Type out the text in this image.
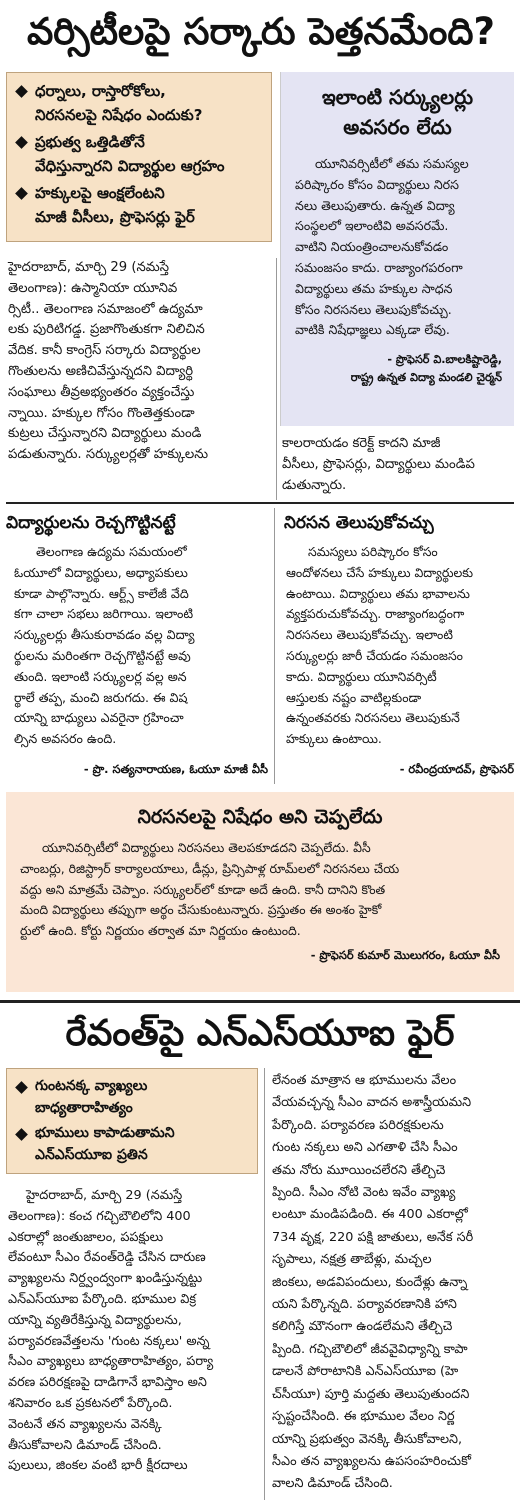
వర్సిటీలపై సర్కారు పెత్తనమేంది?
ధర్నాలు, రాస్తారోకోలు,
నిరసనలపై నిషేధం ఎందుకు?
ప్రభుత్వ ఒత్తిడితోనే
వేధిస్తున్నారని విద్యార్థుల ఆగ్రహం
హక్కులపై ఆంక్షలేంటని
మాజీ వీసీలు, ప్రొఫెసర్లు ఫైర్
హైదరాబాద్, మార్చి 29 (నమస్తే
తెలంగాణ): ఉస్మానియా యూనివ
ర్సిటీ.. తెలంగాణ సమాజంలో ఉద్యమా
లకు పురిటిగడ్డ. ప్రజాగొంతుకగా నిలిచిన
వేదిక. కానీ కాంగ్రెస్ సర్కారు విద్యార్థుల
గొంతులను అణిచివేస్తున్నదని విద్యార్థి
సంఘాలు తీవ్రఅభ్యంతరం వ్యక్తంచేస్తు
న్నాయి. హక్కుల గోసం గొంతెత్తకుండా
కుట్రలు చేస్తున్నారని విద్యార్థులు మండి
పడుతున్నారు. సర్క్యులర్లతో హక్కులను
ఇలాంటి సర్క్యులర్లు
అవసరం లేదు
యూనివర్సిటీలో తమ సమస్యల
పరిష్కారం కోసం విద్యార్థులు నిరస
నలు తెలుపుతారు. ఉన్నత విద్యా
సంస్థలలో ఇలాంటివి అవసరమే.
వాటిని నియంత్రించాలనుకోవడం
సమంజసం కాదు. రాజ్యాంగపరంగా
విద్యార్థులు తమ హక్కుల సాధన
కోసం నిరసనలు తెలుపుకోవచ్చు.
వాటికి నిషేధాజ్ఞలు ఎక్కడా లేవు.
- ప్రొఫెసర్ వి.బాలకిష్టారెడ్డి,
రాష్ట్ర ఉన్నత విద్యా మండలి చైర్మన్
కాలరాయడం కరెక్ట్ కాదని మాజీ
వీసీలు, ప్రొఫెసర్లు, విద్యార్థులు మండిప
డుతున్నారు.
విద్యార్థులను రెచ్చగొట్టినట్టే
తెలంగాణ ఉద్యమ సమయంలో
ఓయూలో విద్యార్థులు, అధ్యాపకులు
కూడా పాల్గొన్నారు. ఆర్ట్స్ కాలేజీ వేది
కగా చాలా సభలు జరిగాయి. ఇలాంటి
సర్క్యులర్లు తీసుకురావడం వల్ల విద్యా
ర్థులను మరింతగా రెచ్చగొట్టినట్టే అవు
తుంది. ఇలాంటి సర్క్యులర్ల వల్ల అన
ర్థాలే తప్ప, మంచి జరుగదు. ఈ విష
యాన్ని బాధ్యులు ఎవరైనా గ్రహించా
ల్సిన అవసరం ఉంది.
- ప్రొ. సత్యనారాయణ, ఓయూ మాజీ వీసీ
నిరసన తెలుపుకోవచ్చు
సమస్యలు పరిష్కారం కోసం
ఆందోళనలు చేసే హక్కులు విద్యార్థులకు
ఉంటాయి. విద్యార్థులు తమ భావాలను
వ్యక్తపరుచుకోవచ్చు. రాజ్యాంగబద్ధంగా
నిరసనలు తెలుపుకోవచ్చు. ఇలాంటి
సర్క్యులర్లు జారీ చేయడం సమంజసం
కాదు. విద్యార్థులు యూనివర్సిటీ
ఆస్తులకు నష్టం వాటిల్లకుండా
ఉన్నంతవరకు నిరసనలు తెలుపుకునే
హక్కులు ఉంటాయి.
- రవీంద్రయాదవ్, ప్రొఫెసర్
నిరసనలపై నిషేధం అని చెప్పలేదు
యూనివర్సిటీలో విద్యార్థులు నిరసనలు తెలపకూడదని చెప్పలేదు. వీసీ
చాంబర్లు, రిజిస్ట్రార్ కార్యాలయాలు, డీన్లు, ప్రిన్సిపాళ్ల రూమ్‌లలో నిరసనలు చేయ
వద్దు అని మాత్రమే చెప్పాం. సర్క్యులర్‌లో కూడా అదే ఉంది. కానీ దానిని కొంత
మంది విద్యార్థులు తప్పుగా అర్థం చేసుకుంటున్నారు. ప్రస్తుతం ఈ అంశం హైకో
ర్టులో ఉంది. కోర్టు నిర్ణయం తర్వాత మా నిర్ణయం ఉంటుంది.
- ప్రొఫెసర్ కుమార్ మొలుగరం, ఓయూ వీసీ
రేవంత్‌పై ఎన్‌ఎస్‌యూఐ ఫైర్
గుంటనక్క వ్యాఖ్యలు
బాధ్యతారాహిత్యం
భూములు కాపాడుతామని
ఎన్‌ఎస్‌యూఐ ప్రతిన
హైదరాబాద్, మార్చి 29 (నమస్తే
తెలంగాణ): కంచ గచ్చిబౌలిలోని 400
ఎకరాల్లో జంతుజాలం, పపక్షులు
లేవంటూ సీఎం రేవంత్‌రెడ్డి చేసిన దారుణ
వ్యాఖ్యలను నిర్ద్వంద్వంగా ఖండిస్తున్నట్టు
ఎన్‌ఎస్‌యూఐ పేర్కొంది. భూముల విక్ర
యాన్ని వ్యతిరేకిస్తున్న విద్యార్థులను,
పర్యావరణవేత్తలను 'గుంట నక్కలు' అన్న
సీఎం వ్యాఖ్యలు బాధ్యతారాహిత్యం, పర్యా
వరణ పరిరక్షణపై దాడిగానే భావిస్తాం అని
శనివారం ఒక ప్రకటనలో పేర్కొంది.
వెంటనే తన వ్యాఖ్యలను వెనక్కి
తీసుకోవాలని డిమాండ్ చేసింది.
పులులు, జింకల వంటి భారీ క్షీరదాలు
లేనంత మాత్రాన ఆ భూములను వేలం
వేయవచ్చన్న సీఎం వాదన అశాస్త్రీయమని
పేర్కొంది. పర్యావరణ పరిరక్షకులను
గుంట నక్కలు అని ఎగతాళి చేసి సీఎం
తమ నోరు మూయించలేరని తేల్చిచె
ప్పింది. సీఎం నోటి వెంట ఇవేం వ్యాఖ్య
లంటూ మండిపడింది. ఈ 400 ఎకరాల్లో
734 వృక్ష, 220 పక్షి జాతులు, అనేక సరీ
సృపాలు, నక్షత్ర తాబేళ్లు, మచ్చల
జింకలు, అడవిపందులు, కుందేళ్లు ఉన్నా
యని పేర్కొన్నది. పర్యావరణానికి హాని
కలిగిస్తే మౌనంగా ఉండలేమని తేల్చిచె
ప్పింది. గచ్చిబౌలిలో జీవవైవిధ్యాన్ని కాపా
డాలనే పోరాటానికి ఎన్‌ఎస్‌యూఐ (హె
చ్‌సీయూ) పూర్తి మద్దతు తెలుపుతుందని
స్పష్టంచేసింది. ఈ భూముల వేలం నిర్ణ
యాన్ని ప్రభుత్వం వెనక్కి తీసుకోవాలని,
సీఎం తన వ్యాఖ్యలను ఉపసంహరించుకో
వాలని డిమాండ్ చేసింది.
